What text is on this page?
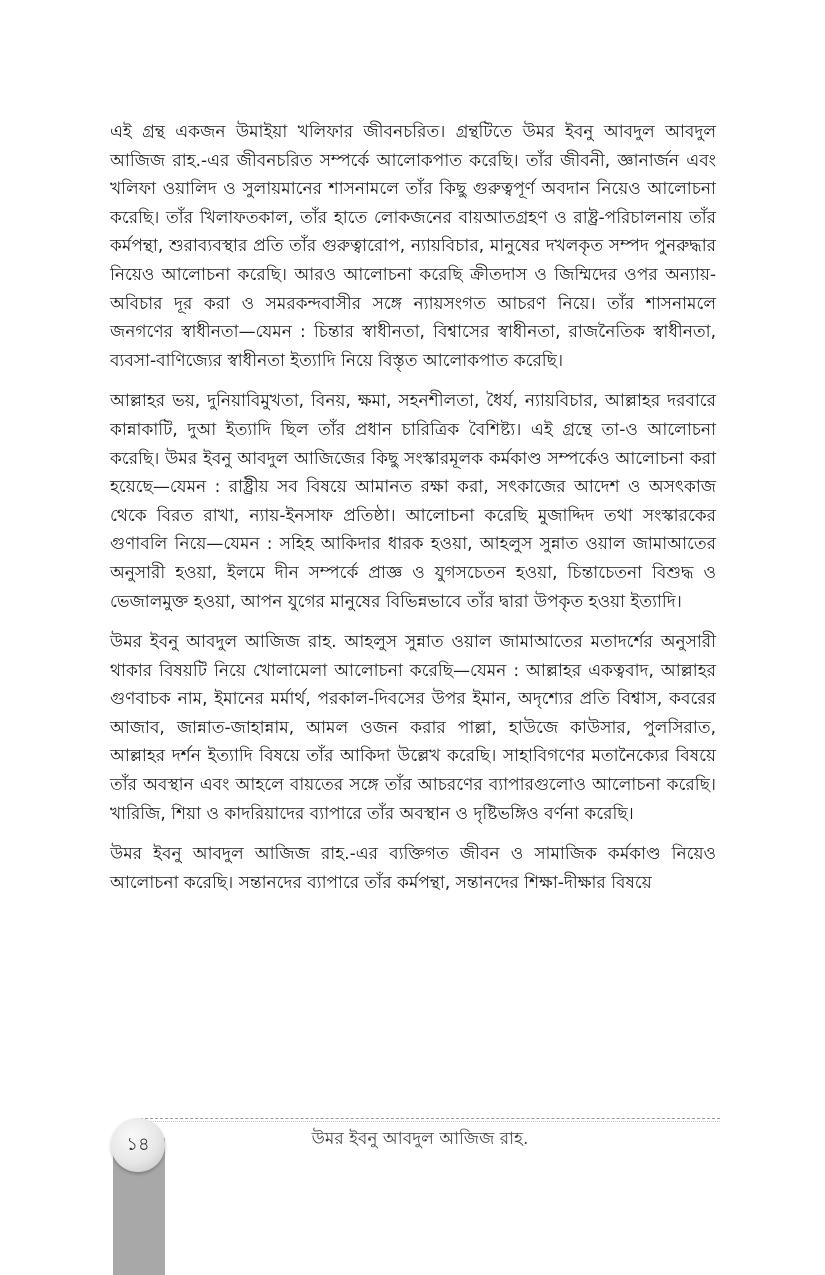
এই গ্রন্থ একজন উমাইয়া খলিফার জীবনচরিত। গ্রন্থটিতে উমর ইবনু আবদুল আবদুল আজিজ রাহ.-এর জীবনচরিত সম্পর্কে আলোকপাত করেছি। তাঁর জীবনী, জ্ঞানার্জন এবং খলিফা ওয়ালিদ ও সুলায়মানের শাসনামলে তাঁর কিছু গুরুত্বপূর্ণ অবদান নিয়েও আলোচনা করেছি। তাঁর খিলাফতকাল, তাঁর হাতে লোকজনের বায়আতগ্রহণ ও রাষ্ট্র-পরিচালনায় তাঁর কর্মপন্থা, শুরাব্যবস্থার প্রতি তাঁর গুরুত্বারোপ, ন্যায়বিচার, মানুষের দখলকৃত সম্পদ পুনরুদ্ধার নিয়েও আলোচনা করেছি। আরও আলোচনা করেছি ক্রীতদাস ও জিম্মিদের ওপর অন্যায়-অবিচার দূর করা ও সমরকন্দবাসীর সঙ্গে ন্যায়সংগত আচরণ নিয়ে। তাঁর শাসনামলে জনগণের স্বাধীনতা—যেমন : চিন্তার স্বাধীনতা, বিশ্বাসের স্বাধীনতা, রাজনৈতিক স্বাধীনতা, ব্যবসা-বাণিজ্যের স্বাধীনতা ইত্যাদি নিয়ে বিস্তৃত আলোকপাত করেছি।

আল্লাহর ভয়, দুনিয়াবিমুখতা, বিনয়, ক্ষমা, সহনশীলতা, ধৈর্য, ন্যায়বিচার, আল্লাহর দরবারে কান্নাকাটি, দুআ ইত্যাদি ছিল তাঁর প্রধান চারিত্রিক বৈশিষ্ট্য। এই গ্রন্থে তা-ও আলোচনা করেছি। উমর ইবনু আবদুল আজিজের কিছু সংস্কারমূলক কর্মকাণ্ড সম্পর্কেও আলোচনা করা হয়েছে—যেমন : রাষ্ট্রীয় সব বিষয়ে আমানত রক্ষা করা, সৎকাজের আদেশ ও অসৎকাজ থেকে বিরত রাখা, ন্যায়-ইনসাফ প্রতিষ্ঠা। আলোচনা করেছি মুজাদ্দিদ তথা সংস্কারকের গুণাবলি নিয়ে—যেমন : সহিহ আকিদার ধারক হওয়া, আহলুস সুন্নাত ওয়াল জামাআতের অনুসারী হওয়া, ইলমে দীন সম্পর্কে প্রাজ্ঞ ও যুগসচেতন হওয়া, চিন্তাচেতনা বিশুদ্ধ ও ভেজালমুক্ত হওয়া, আপন যুগের মানুষের বিভিন্নভাবে তাঁর দ্বারা উপকৃত হওয়া ইত্যাদি।

উমর ইবনু আবদুল আজিজ রাহ. আহলুস সুন্নাত ওয়াল জামাআতের মতাদর্শের অনুসারী থাকার বিষয়টি নিয়ে খোলামেলা আলোচনা করেছি—যেমন : আল্লাহর একত্ববাদ, আল্লাহর গুণবাচক নাম, ইমানের মর্মার্থ, পরকাল-দিবসের উপর ইমান, অদৃশ্যের প্রতি বিশ্বাস, কবরের আজাব, জান্নাত-জাহান্নাম, আমল ওজন করার পাল্লা, হাউজে কাউসার, পুলসিরাত, আল্লাহর দর্শন ইত্যাদি বিষয়ে তাঁর আকিদা উল্লেখ করেছি। সাহাবিগণের মতানৈক্যের বিষয়ে তাঁর অবস্থান এবং আহলে বায়তের সঙ্গে তাঁর আচরণের ব্যাপারগুলোও আলোচনা করেছি। খারিজি, শিয়া ও কাদরিয়াদের ব্যাপারে তাঁর অবস্থান ও দৃষ্টিভঙ্গিও বর্ণনা করেছি।

উমর ইবনু আবদুল আজিজ রাহ.-এর ব্যক্তিগত জীবন ও সামাজিক কর্মকাণ্ড নিয়েও আলোচনা করেছি। সন্তানদের ব্যাপারে তাঁর কর্মপন্থা, সন্তানদের শিক্ষা-দীক্ষার বিষয়ে

১৪	উমর ইবনু আবদুল আজিজ রাহ.
